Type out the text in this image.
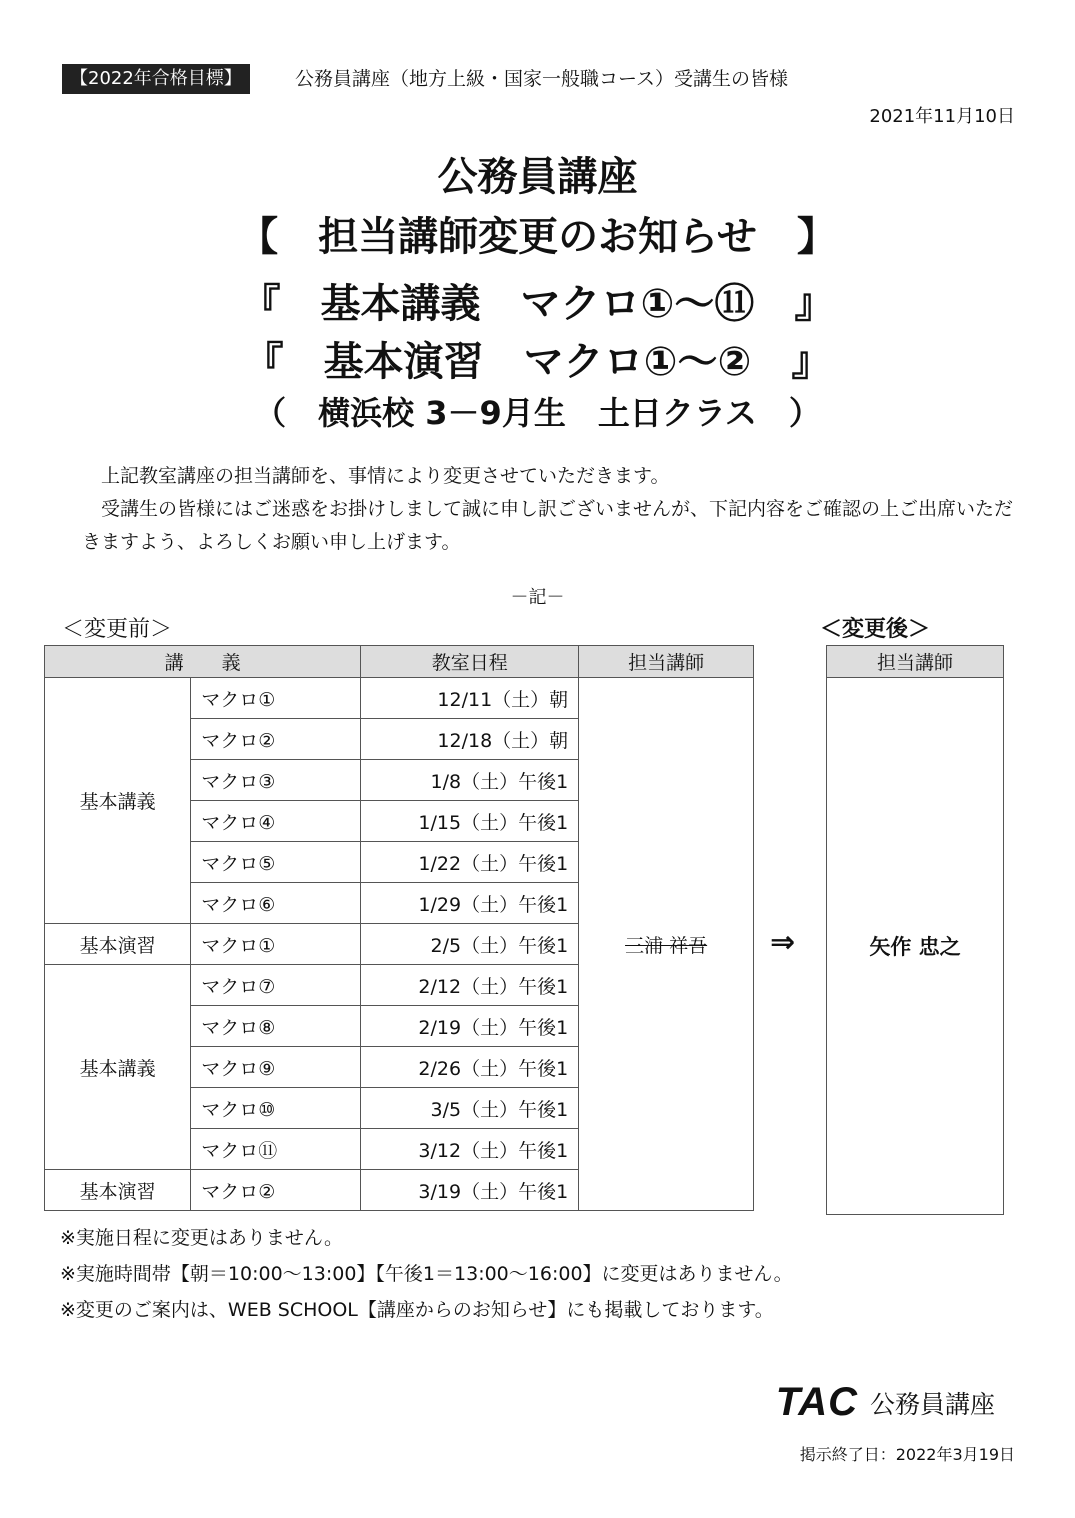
【2022年合格目標】	公務員講座（地方上級・国家一般職コース）受講生の皆様
2021年11月10日
公務員講座
【　担当講師変更のお知らせ　】
『　基本講義　マクロ①～⑪　』
『　基本演習　マクロ①～②　』
（　横浜校 3－9月生　土日クラス　）

上記教室講座の担当講師を、事情により変更させていただきます。

受講生の皆様にはご迷惑をお掛けしまして誠に申し訳ございませんが、下記内容をご確認の上ご出席いただきますよう、よろしくお願い申し上げます。

－記－
＜変更前＞	＜変更後＞
講　　義		教室日程	担当講師
基本講義	マクロ①	12/11（土）朝	三浦 祥吾
	マクロ②	12/18（土）朝	
	マクロ③	1/8（土）午後1	
	マクロ④	1/15（土）午後1	
	マクロ⑤	1/22（土）午後1	
	マクロ⑥	1/29（土）午後1	
基本演習	マクロ①	2/5（土）午後1	
基本講義	マクロ⑦	2/12（土）午後1	
	マクロ⑧	2/19（土）午後1	
	マクロ⑨	2/26（土）午後1	
	マクロ⑩	3/5（土）午後1	
	マクロ⑪	3/12（土）午後1	
基本演習	マクロ②	3/19（土）午後1	
⇒
担当講師
矢作 忠之

※実施日程に変更はありません。

※実施時間帯【朝＝10:00～13:00】【午後1＝13:00～16:00】に変更はありません。

※変更のご案内は、WEB SCHOOL【講座からのお知らせ】にも掲載しております。

TAC 公務員講座
掲示終了日：2022年3月19日
